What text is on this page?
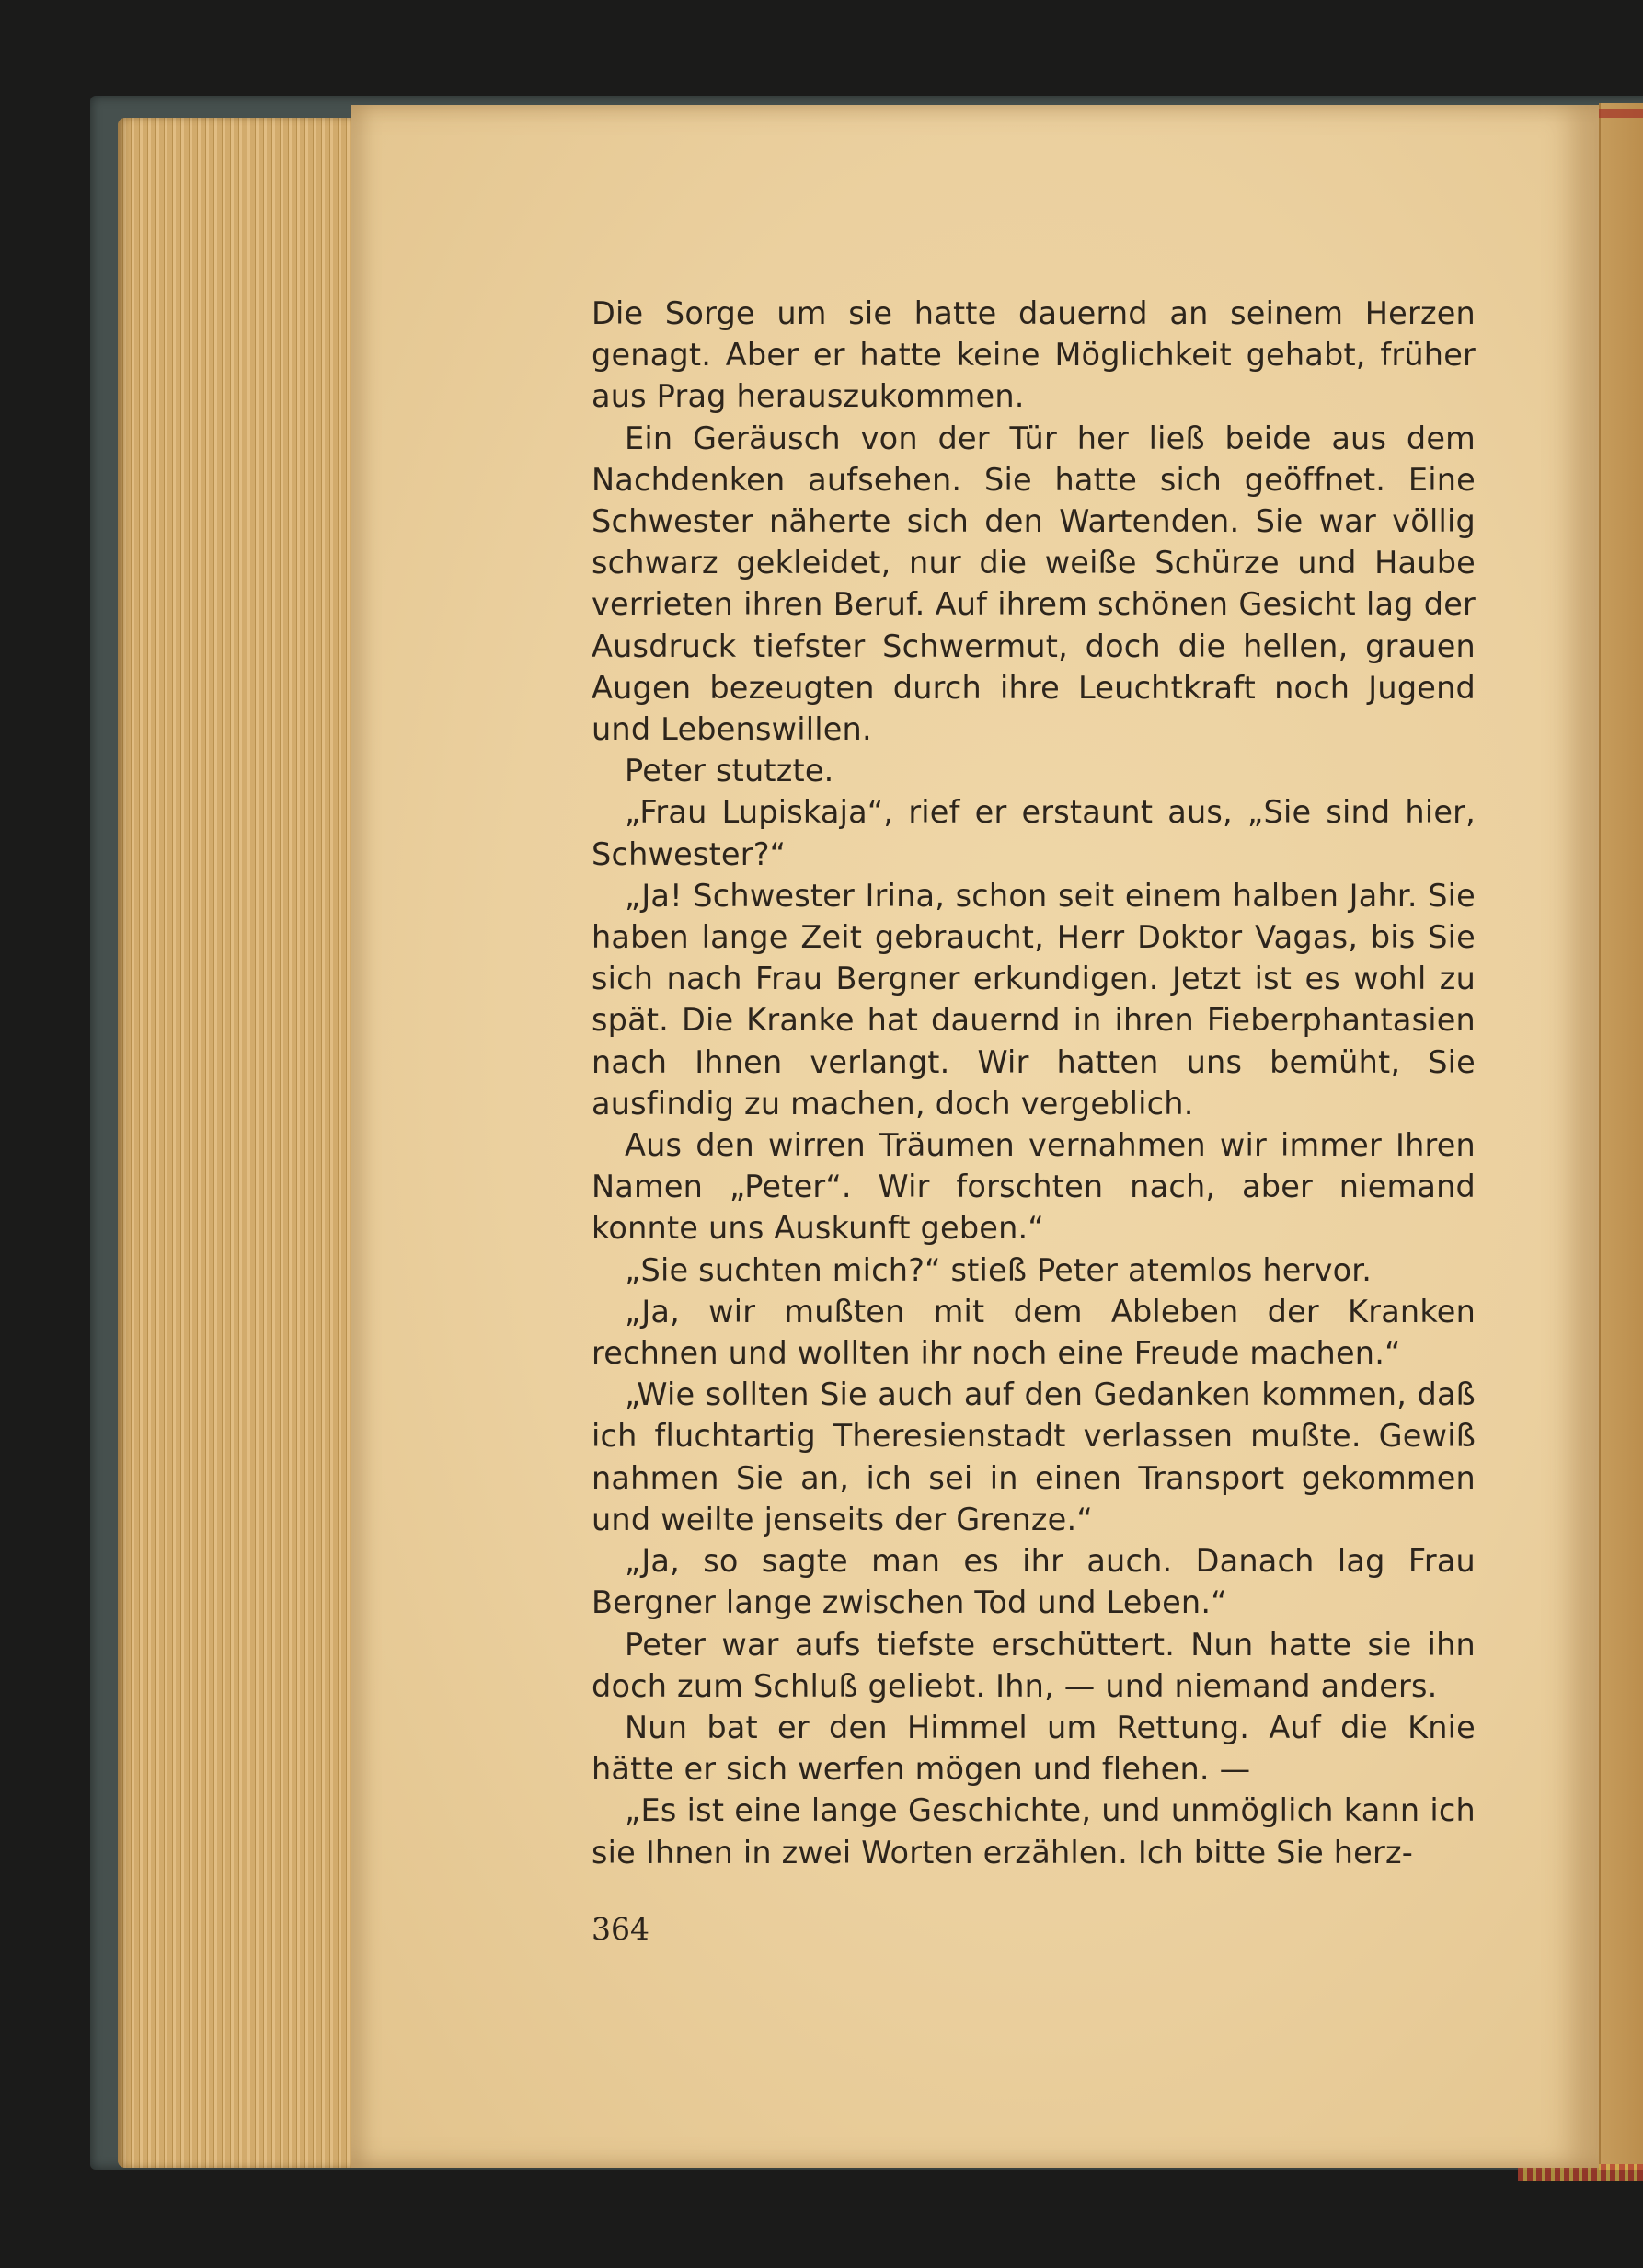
Die Sorge um sie hatte dauernd an seinem Herzen genagt. Aber er hatte keine Möglichkeit gehabt, früher aus Prag herauszukommen.

Ein Geräusch von der Tür her ließ beide aus dem Nachdenken aufsehen. Sie hatte sich geöffnet. Eine Schwester näherte sich den Wartenden. Sie war völlig schwarz gekleidet, nur die weiße Schürze und Haube verrieten ihren Beruf. Auf ihrem schönen Gesicht lag der Ausdruck tiefster Schwermut, doch die hellen, grauen Augen bezeugten durch ihre Leuchtkraft noch Jugend und Lebenswillen.

Peter stutzte.

„Frau Lupiskaja“, rief er erstaunt aus, „Sie sind hier, Schwester?“

„Ja! Schwester Irina, schon seit einem halben Jahr. Sie haben lange Zeit gebraucht, Herr Doktor Vagas, bis Sie sich nach Frau Bergner erkundigen. Jetzt ist es wohl zu spät. Die Kranke hat dauernd in ihren Fieberphantasien nach Ihnen verlangt. Wir hatten uns bemüht, Sie ausfindig zu machen, doch vergeblich.

Aus den wirren Träumen vernahmen wir immer Ihren Namen „Peter“. Wir forschten nach, aber niemand konnte uns Auskunft geben.“

„Sie suchten mich?“ stieß Peter atemlos hervor.

„Ja, wir mußten mit dem Ableben der Kranken rechnen und wollten ihr noch eine Freude machen.“

„Wie sollten Sie auch auf den Gedanken kommen, daß ich fluchtartig Theresienstadt verlassen mußte. Gewiß nahmen Sie an, ich sei in einen Transport gekommen und weilte jenseits der Grenze.“

„Ja, so sagte man es ihr auch. Danach lag Frau Bergner lange zwischen Tod und Leben.“

Peter war aufs tiefste erschüttert. Nun hatte sie ihn doch zum Schluß geliebt. Ihn, — und niemand anders.

Nun bat er den Himmel um Rettung. Auf die Knie hätte er sich werfen mögen und flehen. —

„Es ist eine lange Geschichte, und unmöglich kann ich sie Ihnen in zwei Worten erzählen. Ich bitte Sie herz-

364
